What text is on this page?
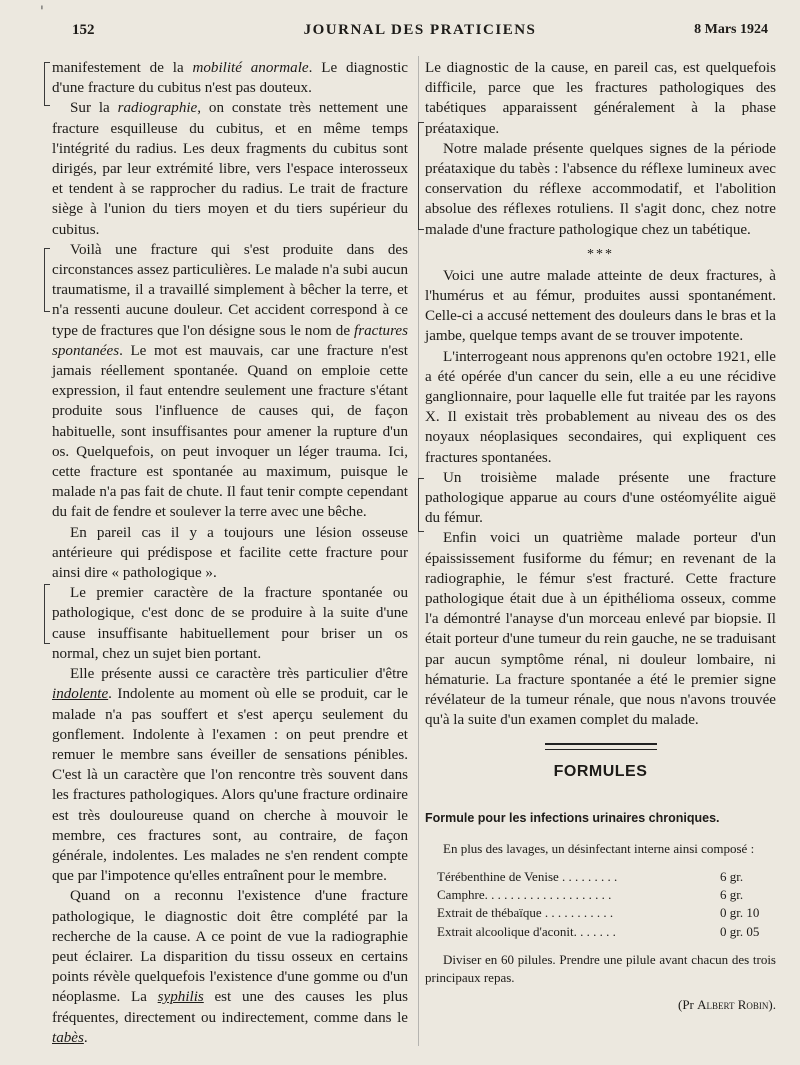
'
152	JOURNAL DES PRATICIENS	8 Mars 1924

manifestement de la mobilité anormale. Le diagnostic d'une fracture du cubitus n'est pas douteux.

Sur la radiographie, on constate très nettement une fracture esquilleuse du cubitus, et en même temps l'intégrité du radius. Les deux fragments du cubitus sont dirigés, par leur extrémité libre, vers l'espace interosseux et tendent à se rapprocher du radius. Le trait de fracture siège à l'union du tiers moyen et du tiers supérieur du cubitus.

Voilà une fracture qui s'est produite dans des circonstances assez particulières. Le malade n'a subi aucun traumatisme, il a travaillé simplement à bêcher la terre, et n'a ressenti aucune douleur. Cet accident correspond à ce type de fractures que l'on désigne sous le nom de fractures spontanées. Le mot est mauvais, car une fracture n'est jamais réellement spontanée. Quand on emploie cette expression, il faut entendre seulement une fracture s'étant produite sous l'influence de causes qui, de façon habituelle, sont insuffisantes pour amener la rupture d'un os. Quelquefois, on peut invoquer un léger trauma. Ici, cette fracture est spontanée au maximum, puisque le malade n'a pas fait de chute. Il faut tenir compte cependant du fait de fendre et soulever la terre avec une bêche.

En pareil cas il y a toujours une lésion osseuse antérieure qui prédispose et facilite cette fracture pour ainsi dire « pathologique ».

Le premier caractère de la fracture spontanée ou pathologique, c'est donc de se produire à la suite d'une cause insuffisante habituellement pour briser un os normal, chez un sujet bien portant.

Elle présente aussi ce caractère très particulier d'être indolente. Indolente au moment où elle se produit, car le malade n'a pas souffert et s'est aperçu seulement du gonflement. Indolente à l'examen : on peut prendre et remuer le membre sans éveiller de sensations pénibles. C'est là un caractère que l'on rencontre très souvent dans les fractures pathologiques. Alors qu'une fracture ordinaire est très douloureuse quand on cherche à mouvoir le membre, ces fractures sont, au contraire, de façon générale, indolentes. Les malades ne s'en rendent compte que par l'impotence qu'elles entraînent pour le membre.

Quand on a reconnu l'existence d'une fracture pathologique, le diagnostic doit être complété par la recherche de la cause. A ce point de vue la radiographie peut éclairer. La disparition du tissu osseux en certains points révèle quelquefois l'existence d'une gomme ou d'un néoplasme. La syphilis est une des causes les plus fréquentes, directement ou indirectement, comme dans le tabès.

Le diagnostic de la cause, en pareil cas, est quelquefois difficile, parce que les fractures pathologiques des tabétiques apparaissent généralement à la phase préataxique.

Notre malade présente quelques signes de la période préataxique du tabès : l'absence du réflexe lumineux avec conservation du réflexe accommodatif, et l'abolition absolue des réflexes rotuliens. Il s'agit donc, chez notre malade d'une fracture pathologique chez un tabétique.

***

Voici une autre malade atteinte de deux fractures, à l'humérus et au fémur, produites aussi spontanément. Celle-ci a accusé nettement des douleurs dans le bras et la jambe, quelque temps avant de se trouver impotente.

L'interrogeant nous apprenons qu'en octobre 1921, elle a été opérée d'un cancer du sein, elle a eu une récidive ganglionnaire, pour laquelle elle fut traitée par les rayons X. Il existait très probablement au niveau des os des noyaux néoplasiques secondaires, qui expliquent ces fractures spontanées.

Un troisième malade présente une fracture pathologique apparue au cours d'une ostéomyélite aiguë du fémur.

Enfin voici un quatrième malade porteur d'un épaississement fusiforme du fémur; en revenant de la radiographie, le fémur s'est fracturé. Cette fracture pathologique était due à un épithélioma osseux, comme l'a démontré l'anayse d'un morceau enlevé par biopsie. Il était porteur d'une tumeur du rein gauche, ne se traduisant par aucun symptôme rénal, ni douleur lombaire, ni hématurie. La fracture spontanée a été le premier signe révélateur de la tumeur rénale, que nous n'avons trouvée qu'à la suite d'un examen complet du malade.

FORMULES
Formule pour les infections urinaires chroniques.

En plus des lavages, un désinfectant interne ainsi composé :

Térébenthine de Venise . . . . . . . . .	6 gr.
Camphre. . . . . . . . . . . . . . . . . . . .	6 gr.
Extrait de thébaïque . . . . . . . . . . .	0 gr. 10
Extrait alcoolique d'aconit. . . . . . .	0 gr. 05

Diviser en 60 pilules. Prendre une pilule avant chacun des trois principaux repas.

(Pr Albert Robin).
